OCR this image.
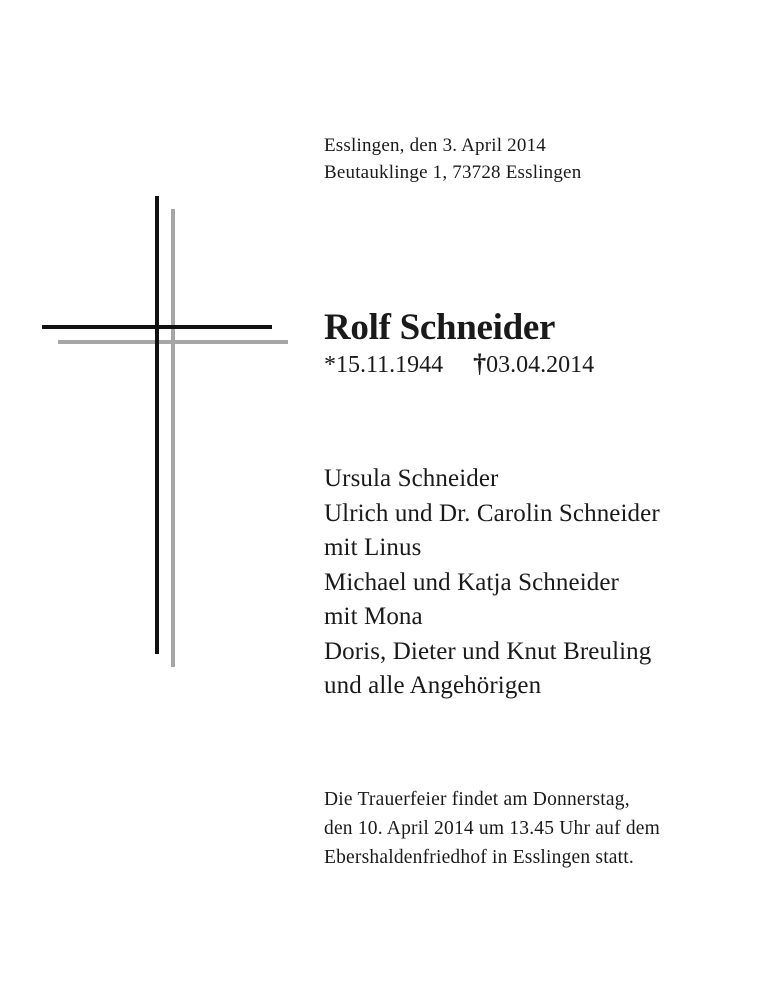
Esslingen, den 3. April 2014
Beutauklinge 1, 73728 Esslingen
Rolf Schneider
*15.11.1944 †03.04.2014
Ursula Schneider
Ulrich und Dr. Carolin Schneider
mit Linus
Michael und Katja Schneider
mit Mona
Doris, Dieter und Knut Breuling
und alle Angehörigen
Die Trauerfeier findet am Donnerstag,
den 10. April 2014 um 13.45 Uhr auf dem
Ebershaldenfriedhof in Esslingen statt.
